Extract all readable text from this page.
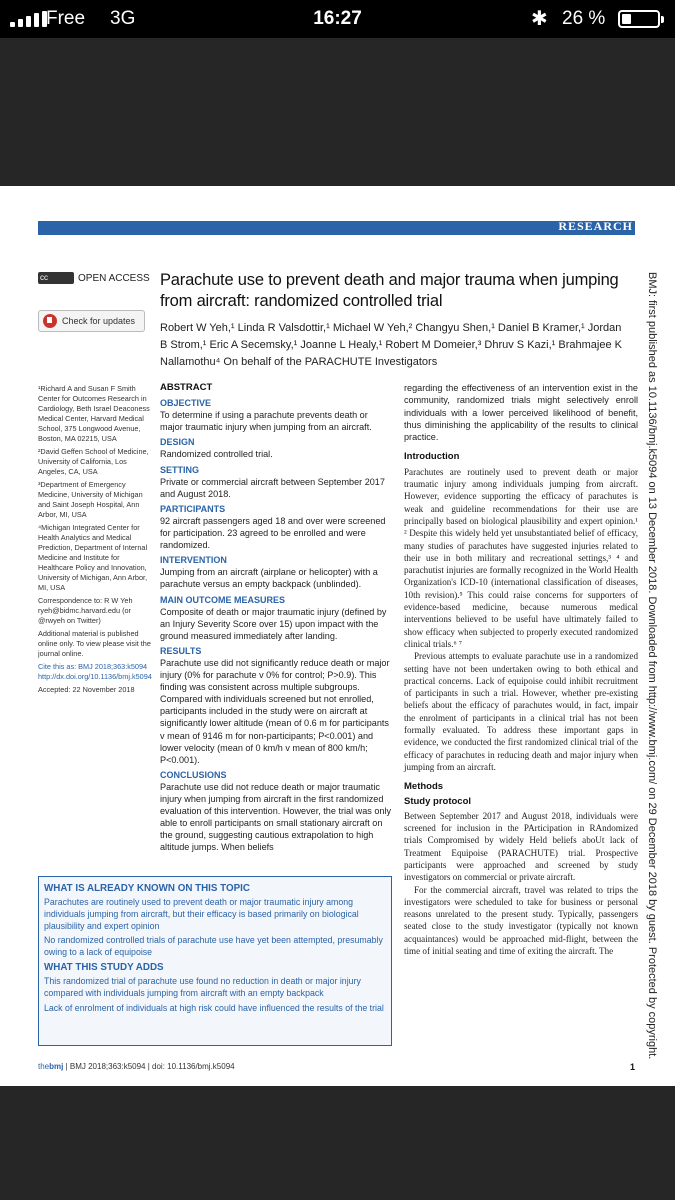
Free 3G	16:27	✱ 26 %
RESEARCH
cc
OPEN ACCESS
Check for updates
Parachute use to prevent death and major trauma when jumping from aircraft: randomized controlled trial

Robert W Yeh,¹ Linda R Valsdottir,¹ Michael W Yeh,² Changyu Shen,¹ Daniel B Kramer,¹ Jordan B Strom,¹ Eric A Secemsky,¹ Joanne L Healy,¹ Robert M Domeier,³ Dhruv S Kazi,¹ Brahmajee K Nallamothu⁴ On behalf of the PARACHUTE Investigators	BMJ: first published as 10.1136/bmj.k5094 on 13 December 2018. Downloaded from http://www.bmj.com/ on 29 December 2018 by guest. Protected by copyright.

¹Richard A and Susan F Smith Center for Outcomes Research in Cardiology, Beth Israel Deaconess Medical Center, Harvard Medical School, 375 Longwood Avenue, Boston, MA 02215, USA

²David Geffen School of Medicine, University of California, Los Angeles, CA, USA

³Department of Emergency Medicine, University of Michigan and Saint Joseph Hospital, Ann Arbor, MI, USA

⁴Michigan Integrated Center for Health Analytics and Medical Prediction, Department of Internal Medicine and Institute for Healthcare Policy and Innovation, University of Michigan, Ann Arbor, MI, USA

Correspondence to: R W Yeh ryeh@bidmc.harvard.edu (or @rwyeh on Twitter)

Additional material is published online only. To view please visit the journal online.

Cite this as: BMJ 2018;363:k5094 http://dx.doi.org/10.1136/bmj.k5094

Accepted: 22 November 2018

ABSTRACT
OBJECTIVE
To determine if using a parachute prevents death or major traumatic injury when jumping from an aircraft.
DESIGN
Randomized controlled trial.
SETTING
Private or commercial aircraft between September 2017 and August 2018.
PARTICIPANTS
92 aircraft passengers aged 18 and over were screened for participation. 23 agreed to be enrolled and were randomized.
INTERVENTION
Jumping from an aircraft (airplane or helicopter) with a parachute versus an empty backpack (unblinded).
MAIN OUTCOME MEASURES
Composite of death or major traumatic injury (defined by an Injury Severity Score over 15) upon impact with the ground measured immediately after landing.
RESULTS
Parachute use did not significantly reduce death or major injury (0% for parachute v 0% for control; P>0.9). This finding was consistent across multiple subgroups. Compared with individuals screened but not enrolled, participants included in the study were on aircraft at significantly lower altitude (mean of 0.6 m for participants v mean of 9146 m for non-participants; P<0.001) and lower velocity (mean of 0 km/h v mean of 800 km/h; P<0.001).
CONCLUSIONS
Parachute use did not reduce death or major traumatic injury when jumping from aircraft in the first randomized evaluation of this intervention. However, the trial was only able to enroll participants on small stationary aircraft on the ground, suggesting cautious extrapolation to high altitude jumps. When beliefs

regarding the effectiveness of an intervention exist in the community, randomized trials might selectively enroll individuals with a lower perceived likelihood of benefit, thus diminishing the applicability of the results to clinical practice.

Introduction

Parachutes are routinely used to prevent death or major traumatic injury among individuals jumping from aircraft. However, evidence supporting the efficacy of parachutes is weak and guideline recommendations for their use are principally based on biological plausibility and expert opinion.¹ ² Despite this widely held yet unsubstantiated belief of efficacy, many studies of parachutes have suggested injuries related to their use in both military and recreational settings,³ ⁴ and parachutist injuries are formally recognized in the World Health Organization's ICD-10 (international classification of diseases, 10th revision).⁵ This could raise concerns for supporters of evidence-based medicine, because numerous medical interventions believed to be useful have ultimately failed to show efficacy when subjected to properly executed randomized clinical trials.⁶ ⁷

Previous attempts to evaluate parachute use in a randomized setting have not been undertaken owing to both ethical and practical concerns. Lack of equipoise could inhibit recruitment of participants in such a trial. However, whether pre-existing beliefs about the efficacy of parachutes would, in fact, impair the enrolment of participants in a clinical trial has not been formally evaluated. To address these important gaps in evidence, we conducted the first randomized clinical trial of the efficacy of parachutes in reducing death and major injury when jumping from an aircraft.

Methods
Study protocol

Between September 2017 and August 2018, individuals were screened for inclusion in the PArticipation in RAndomized trials Compromised by widely Held beliefs aboUt lack of Treatment Equipoise (PARACHUTE) trial. Prospective participants were approached and screened by study investigators on commercial or private aircraft.

For the commercial aircraft, travel was related to trips the investigators were scheduled to take for business or personal reasons unrelated to the present study. Typically, passengers seated close to the study investigator (typically not known acquaintances) would be approached mid-flight, between the time of initial seating and time of exiting the aircraft. The

WHAT IS ALREADY KNOWN ON THIS TOPIC

Parachutes are routinely used to prevent death or major traumatic injury among individuals jumping from aircraft, but their efficacy is based primarily on biological plausibility and expert opinion

No randomized controlled trials of parachute use have yet been attempted, presumably owing to a lack of equipoise

WHAT THIS STUDY ADDS

This randomized trial of parachute use found no reduction in death or major injury compared with individuals jumping from aircraft with an empty backpack

Lack of enrolment of individuals at high risk could have influenced the results of the trial

thebmj | BMJ 2018;363:k5094 | doi: 10.1136/bmj.k5094	1
